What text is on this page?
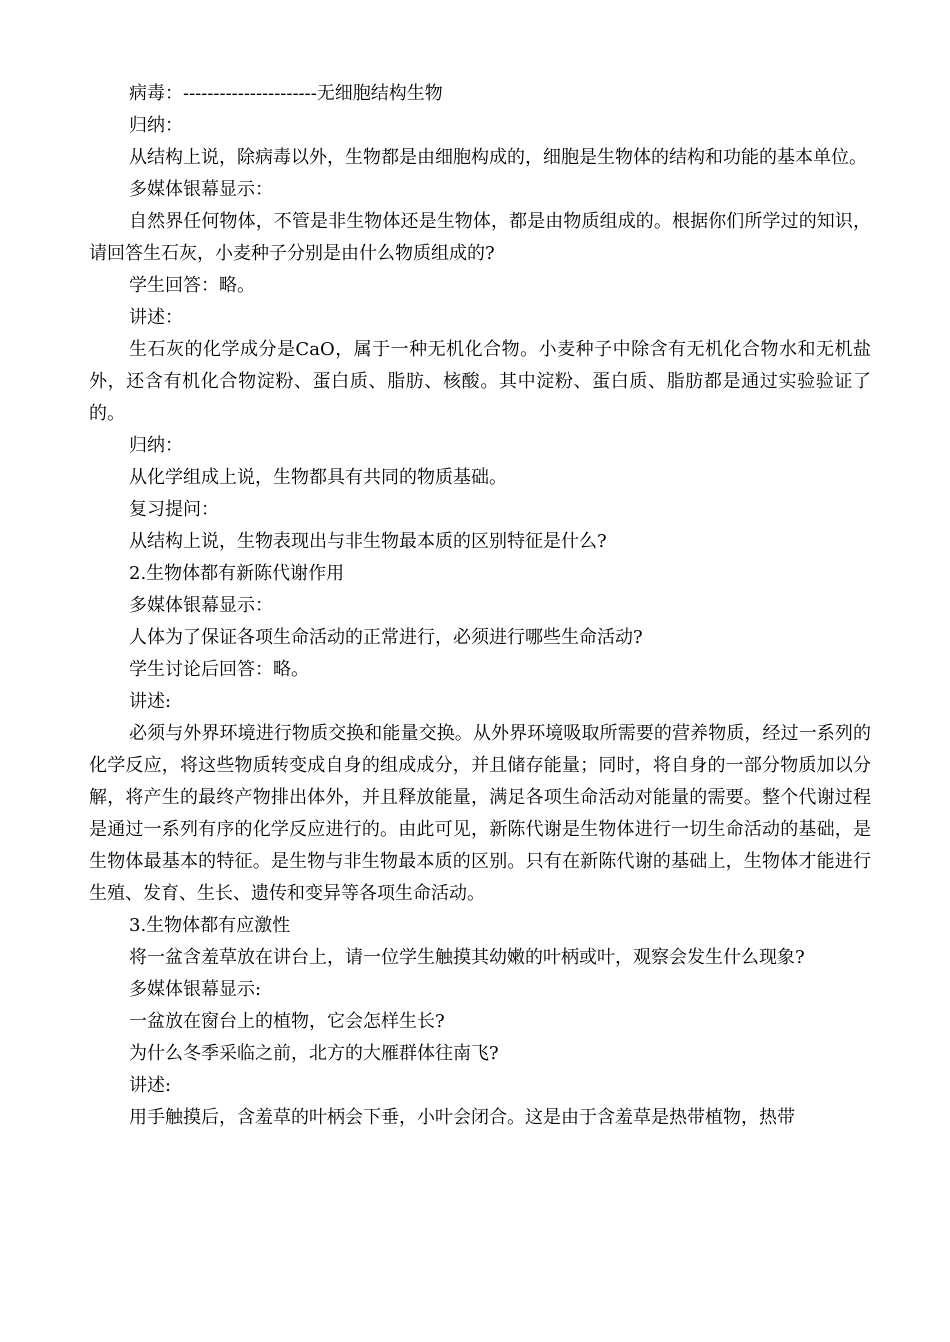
病毒：----------------------无细胞结构生物

归纳：

从结构上说，除病毒以外，生物都是由细胞构成的，细胞是生物体的结构和功能的基本单位。

多媒体银幕显示：

自然界任何物体，不管是非生物体还是生物体，都是由物质组成的。根据你们所学过的知识，请回答生石灰，小麦种子分别是由什么物质组成的?

学生回答：略。

讲述：

生石灰的化学成分是CaO，属于一种无机化合物。小麦种子中除含有无机化合物水和无机盐外，还含有机化合物淀粉、蛋白质、脂肪、核酸。其中淀粉、蛋白质、脂肪都是通过实验验证了的。

归纳：

从化学组成上说，生物都具有共同的物质基础。

复习提问：

从结构上说，生物表现出与非生物最本质的区别特征是什么?

2.生物体都有新陈代谢作用

多媒体银幕显示：

人体为了保证各项生命活动的正常进行，必须进行哪些生命活动?

学生讨论后回答：略。

讲述:

必须与外界环境进行物质交换和能量交换。从外界环境吸取所需要的营养物质，经过一系列的化学反应，将这些物质转变成自身的组成成分，并且储存能量；同时，将自身的一部分物质加以分解，将产生的最终产物排出体外，并且释放能量，满足各项生命活动对能量的需要。整个代谢过程是通过一系列有序的化学反应进行的。由此可见，新陈代谢是生物体进行一切生命活动的基础，是生物体最基本的特征。是生物与非生物最本质的区别。只有在新陈代谢的基础上，生物体才能进行生殖、发育、生长、遗传和变异等各项生命活动。

3.生物体都有应激性

将一盆含羞草放在讲台上，请一位学生触摸其幼嫩的叶柄或叶，观察会发生什么现象?

多媒体银幕显示:

一盆放在窗台上的植物，它会怎样生长?

为什么冬季采临之前，北方的大雁群体往南飞?

讲述:

用手触摸后，含羞草的叶柄会下垂，小叶会闭合。这是由于含羞草是热带植物，热带
